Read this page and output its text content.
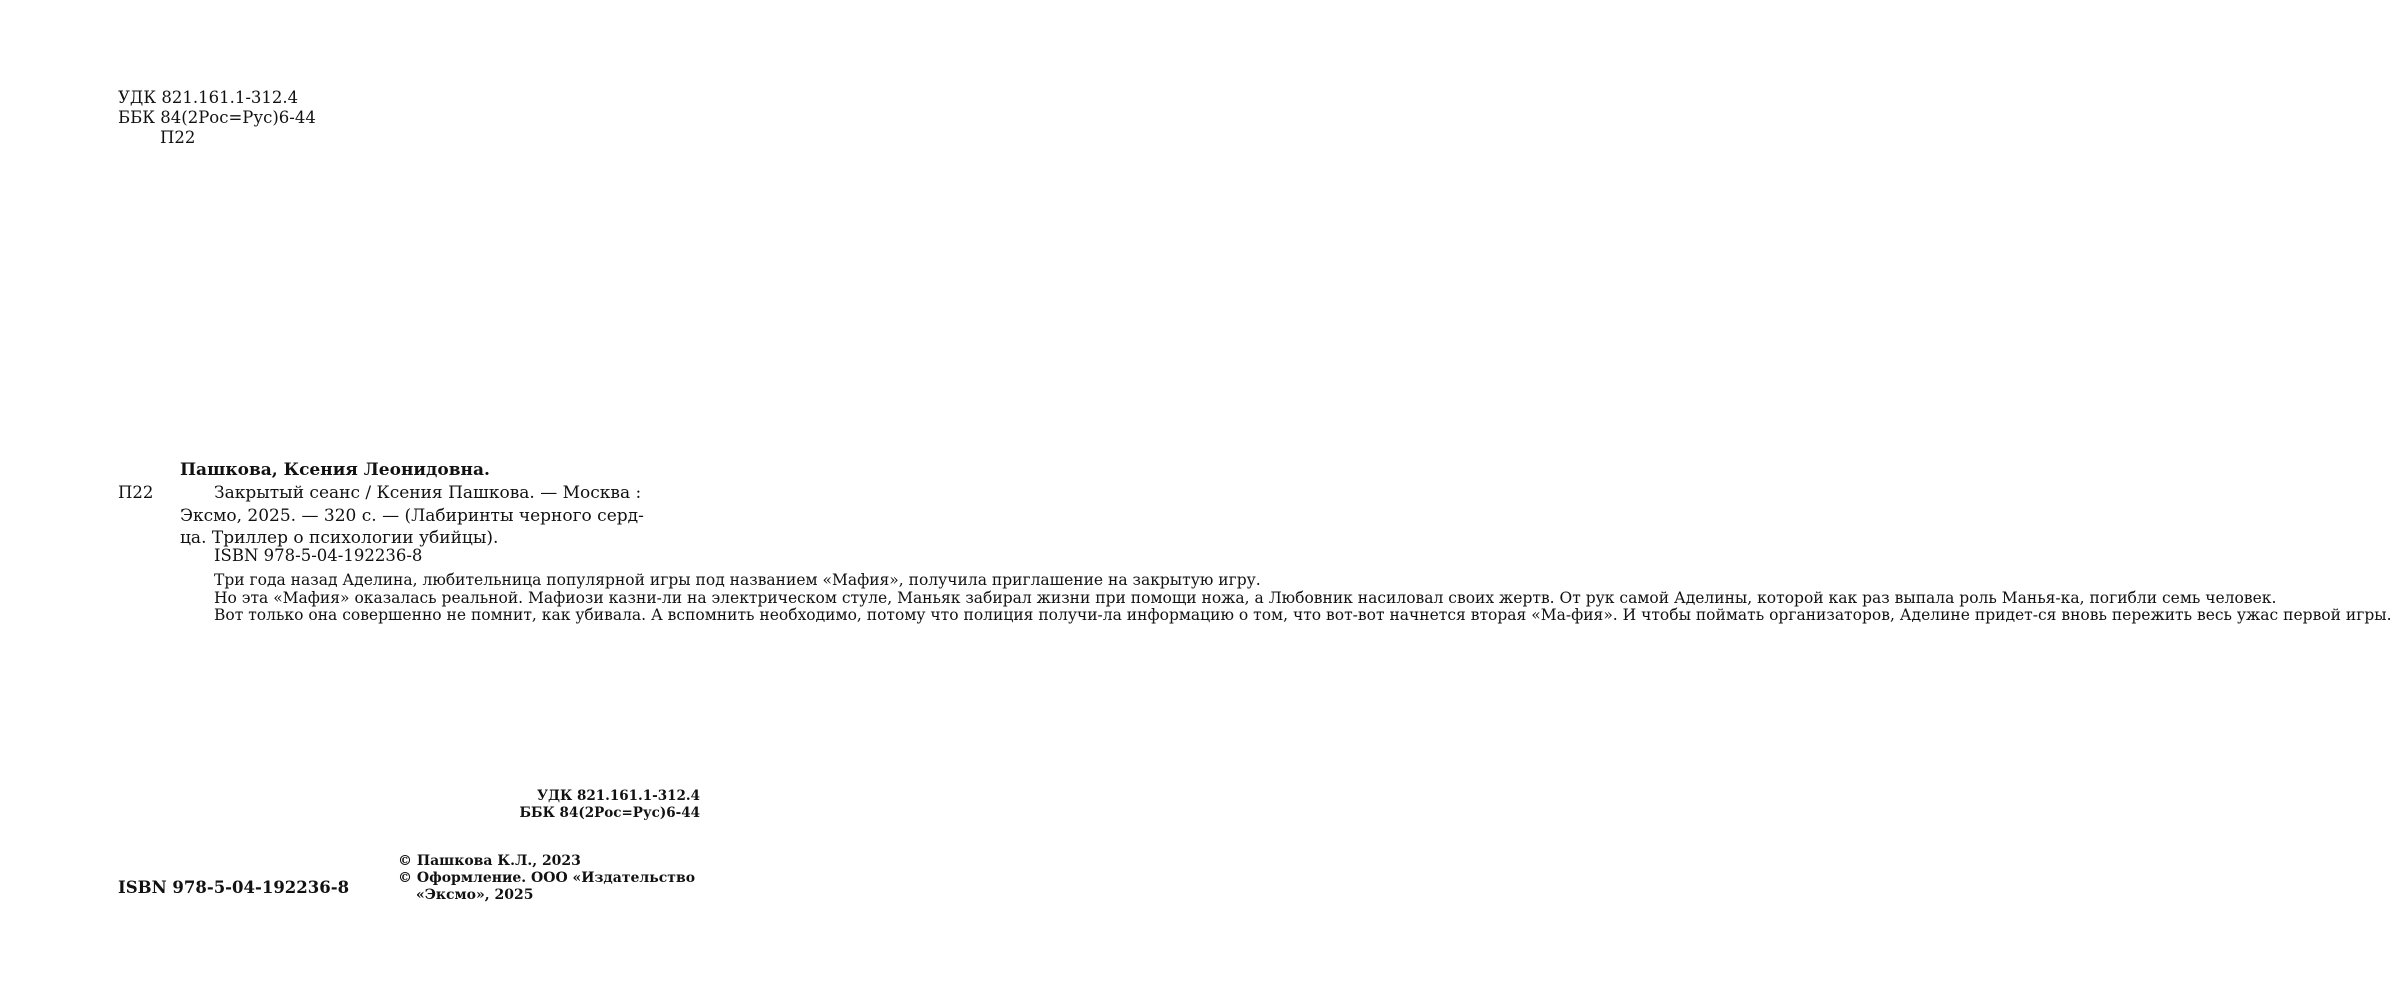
УДК 821.161.1-312.4
ББК 84(2Рос=Рус)6-44
П22
Пашкова, Ксения Леонидовна.
П22	Закрытый сеанс / Ксения Пашкова. — Москва :
Эксмо, 2025. — 320 с. — (Лабиринты черного серд-
ца. Триллер о психологии убийцы).
ISBN 978-5-04-192236-8

Три года назад Аделина, любительница популярной игры под названием «Мафия», получила приглашение на закрытую игру.

Но эта «Мафия» оказалась реальной. Мафиози казни-ли на электрическом стуле, Маньяк забирал жизни при помощи ножа, а Любовник насиловал своих жертв. От рук самой Аделины, которой как раз выпала роль Манья-ка, погибли семь человек.

Вот только она совершенно не помнит, как убивала. А вспомнить необходимо, потому что полиция получи-ла информацию о том, что вот-вот начнется вторая «Ма-фия». И чтобы поймать организаторов, Аделине придет-ся вновь пережить весь ужас первой игры.

УДК 821.161.1-312.4
ББК 84(2Рос=Рус)6-44
© Пашкова К.Л., 2023
© Оформление. ООО «Издательство
«Эксмо», 2025
ISBN 978-5-04-192236-8
